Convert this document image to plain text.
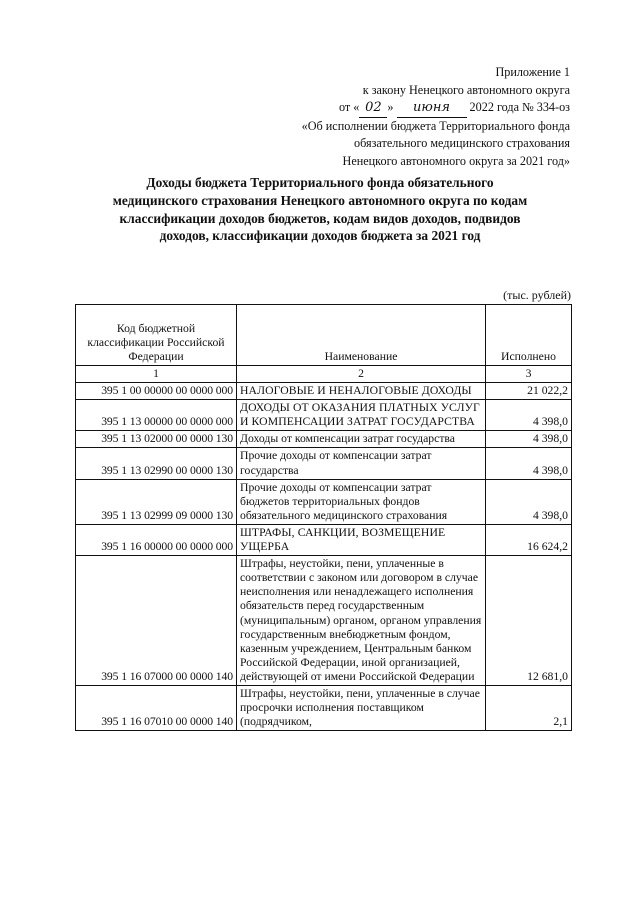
Приложение 1
к закону Ненецкого автономного округа
от « 02 » июня 2022 года № 334-оз
«Об исполнении бюджета Территориального фонда
обязательного медицинского страхования
Ненецкого автономного округа за 2021 год»
Доходы бюджета Территориального фонда обязательного
медицинского страхования Ненецкого автономного округа по кодам
классификации доходов бюджетов, кодам видов доходов, подвидов
доходов, классификации доходов бюджета за 2021 год
(тыс. рублей)
Код бюджетной классификации Российской Федерации	Наименование	Исполнено
1	2	3
395 1 00 00000 00 0000 000	НАЛОГОВЫЕ И НЕНАЛОГОВЫЕ ДОХОДЫ	21 022,2
395 1 13 00000 00 0000 000	ДОХОДЫ ОТ ОКАЗАНИЯ ПЛАТНЫХ УСЛУГ И КОМПЕНСАЦИИ ЗАТРАТ ГОСУДАРСТВА	4 398,0
395 1 13 02000 00 0000 130	Доходы от компенсации затрат государства	4 398,0
395 1 13 02990 00 0000 130	Прочие доходы от компенсации затрат государства	4 398,0
395 1 13 02999 09 0000 130	Прочие доходы от компенсации затрат бюджетов территориальных фондов обязательного медицинского страхования	4 398,0
395 1 16 00000 00 0000 000	ШТРАФЫ, САНКЦИИ, ВОЗМЕЩЕНИЕ УЩЕРБА	16 624,2
395 1 16 07000 00 0000 140	Штрафы, неустойки, пени, уплаченные в соответствии с законом или договором в случае неисполнения или ненадлежащего исполнения обязательств перед государственным (муниципальным) органом, органом управления государственным внебюджетным фондом, казенным учреждением, Центральным банком Российской Федерации, иной организацией, действующей от имени Российской Федерации	12 681,0
395 1 16 07010 00 0000 140	Штрафы, неустойки, пени, уплаченные в случае просрочки исполнения поставщиком (подрядчиком,	2,1
